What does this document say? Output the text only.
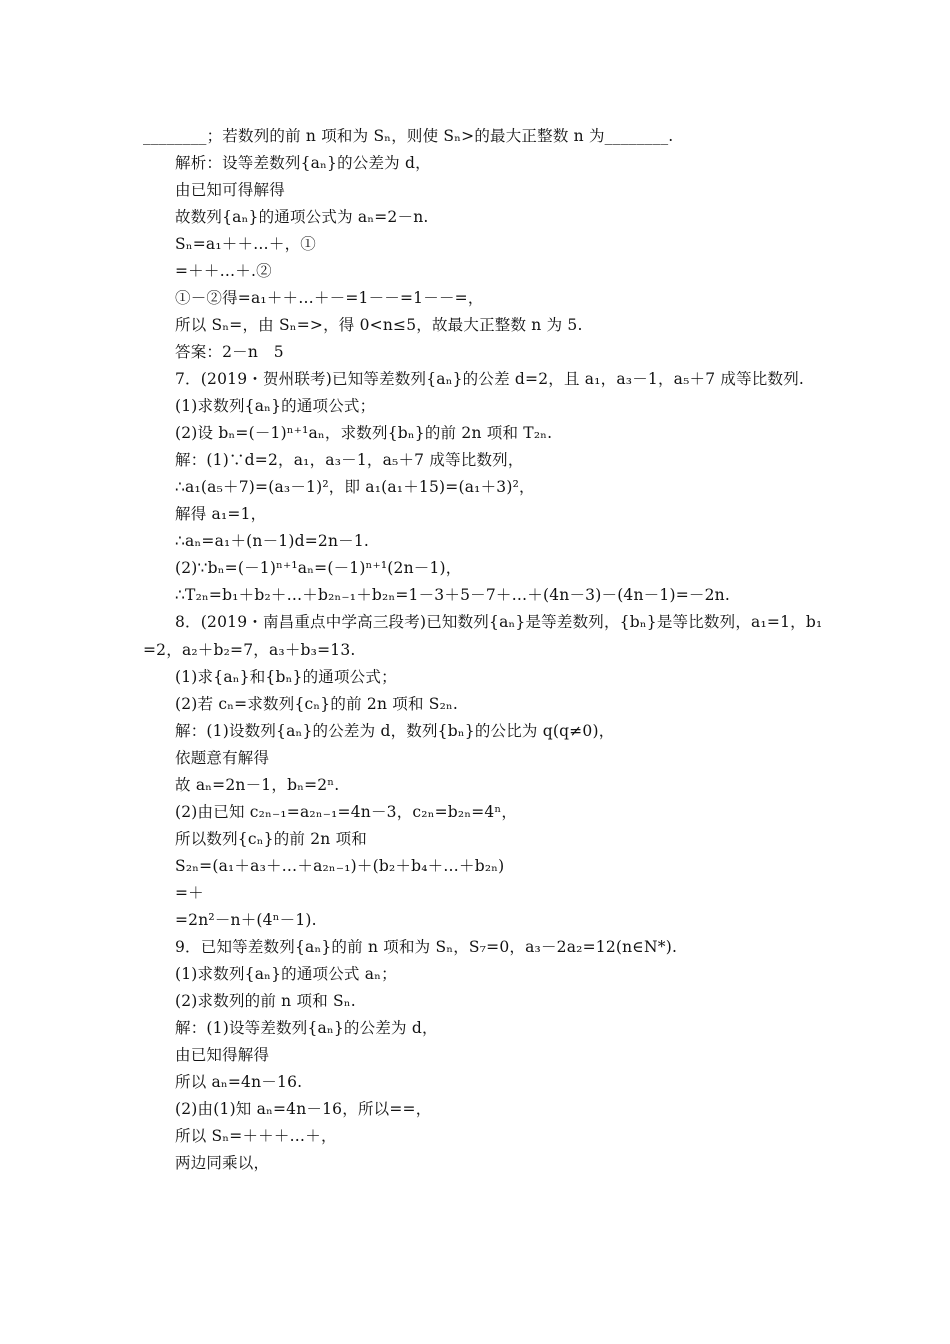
________；若数列的前 n 项和为 Sₙ，则使 Sₙ>的最大正整数 n 为________.
解析：设等差数列{aₙ}的公差为 d，
由已知可得解得
故数列{aₙ}的通项公式为 aₙ=2－n.
Sₙ=a₁＋＋…＋，①
=＋＋…＋.②
①－②得=a₁＋＋…＋－=1－－=1－－=，
所以 Sₙ=，由 Sₙ=>，得 0<n≤5，故最大正整数 n 为 5.
答案：2－n　5
7．(2019・贺州联考)已知等差数列{aₙ}的公差 d=2，且 a₁，a₃－1，a₅＋7 成等比数列.
(1)求数列{aₙ}的通项公式；
(2)设 bₙ=(－1)ⁿ⁺¹aₙ，求数列{bₙ}的前 2n 项和 T₂ₙ.
解：(1)∵d=2，a₁，a₃－1，a₅＋7 成等比数列，
∴a₁(a₅＋7)=(a₃－1)²，即 a₁(a₁＋15)=(a₁＋3)²，
解得 a₁=1，
∴aₙ=a₁＋(n－1)d=2n－1.
(2)∵bₙ=(－1)ⁿ⁺¹aₙ=(－1)ⁿ⁺¹(2n－1)，
∴T₂ₙ=b₁＋b₂＋…＋b₂ₙ₋₁＋b₂ₙ=1－3＋5－7＋…＋(4n－3)－(4n－1)=－2n.
8．(2019・南昌重点中学高三段考)已知数列{aₙ}是等差数列，{bₙ}是等比数列，a₁=1，b₁
=2，a₂＋b₂=7，a₃＋b₃=13.
(1)求{aₙ}和{bₙ}的通项公式；
(2)若 cₙ=求数列{cₙ}的前 2n 项和 S₂ₙ.
解：(1)设数列{aₙ}的公差为 d，数列{bₙ}的公比为 q(q≠0)，
依题意有解得
故 aₙ=2n－1，bₙ=2ⁿ.
(2)由已知 c₂ₙ₋₁=a₂ₙ₋₁=4n－3，c₂ₙ=b₂ₙ=4ⁿ，
所以数列{cₙ}的前 2n 项和
S₂ₙ=(a₁＋a₃＋…＋a₂ₙ₋₁)＋(b₂＋b₄＋…＋b₂ₙ)
=＋
=2n²－n＋(4ⁿ－1).
9．已知等差数列{aₙ}的前 n 项和为 Sₙ，S₇=0，a₃－2a₂=12(n∈N*).
(1)求数列{aₙ}的通项公式 aₙ；
(2)求数列的前 n 项和 Sₙ.
解：(1)设等差数列{aₙ}的公差为 d，
由已知得解得
所以 aₙ=4n－16.
(2)由(1)知 aₙ=4n－16，所以==，
所以 Sₙ=＋＋＋…＋，
两边同乘以，
